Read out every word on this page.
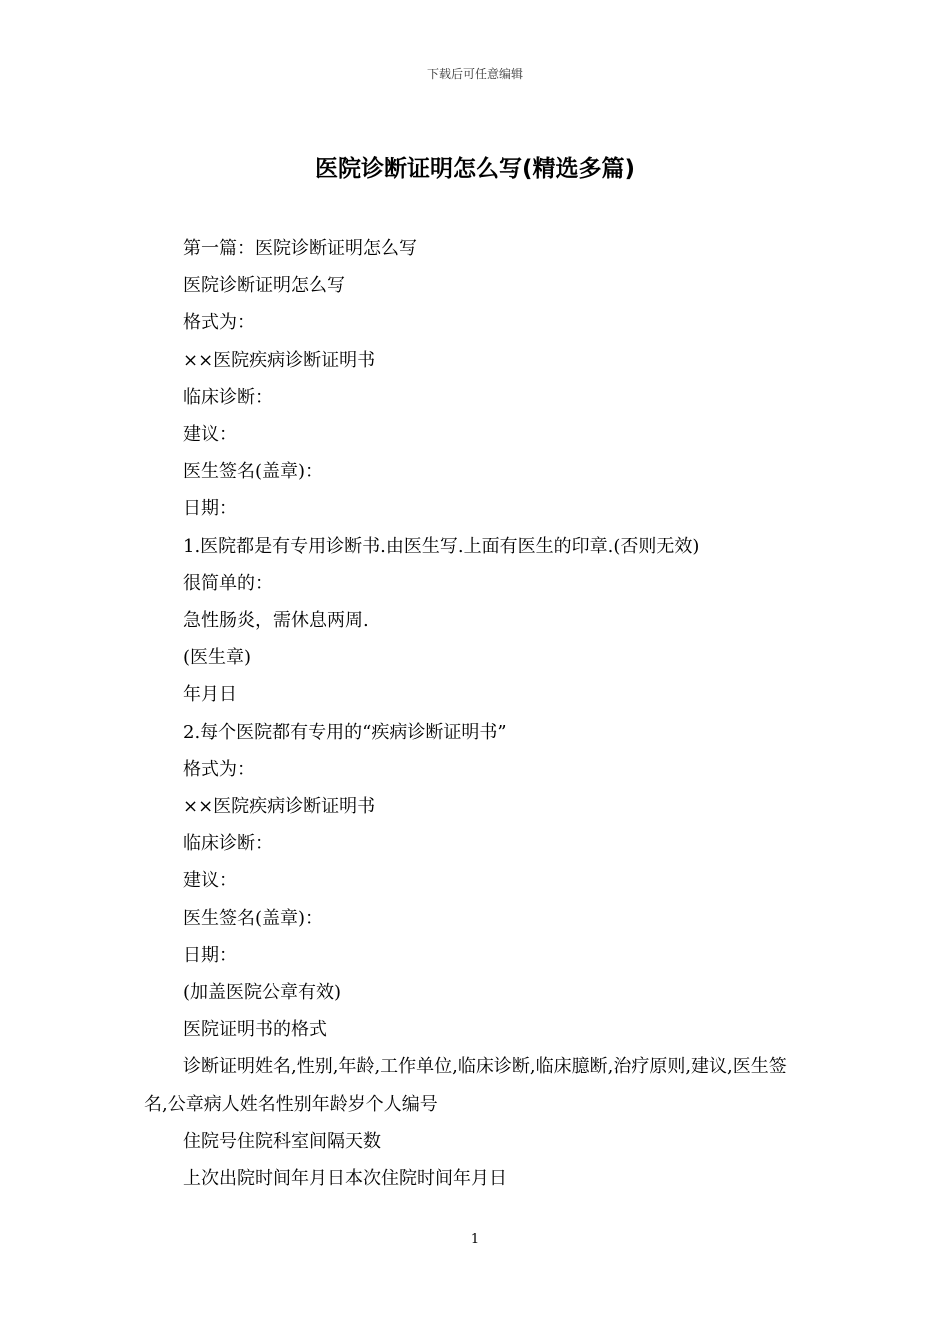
下载后可任意编辑
医院诊断证明怎么写(精选多篇)

第一篇：医院诊断证明怎么写

医院诊断证明怎么写

格式为：

××医院疾病诊断证明书

临床诊断：

建议：

医生签名(盖章)：

日期：

1.医院都是有专用诊断书.由医生写.上面有医生的印章.(否则无效)

很简单的：

急性肠炎，需休息两周.

(医生章)

年月日

2.每个医院都有专用的“疾病诊断证明书”

格式为：

××医院疾病诊断证明书

临床诊断：

建议：

医生签名(盖章)：

日期：

(加盖医院公章有效)

医院证明书的格式

诊断证明姓名,性别,年龄,工作单位,临床诊断,临床臆断,治疗原则,建议,医生签名,公章病人姓名性别年龄岁个人编号

住院号住院科室间隔天数

上次出院时间年月日本次住院时间年月日

1
